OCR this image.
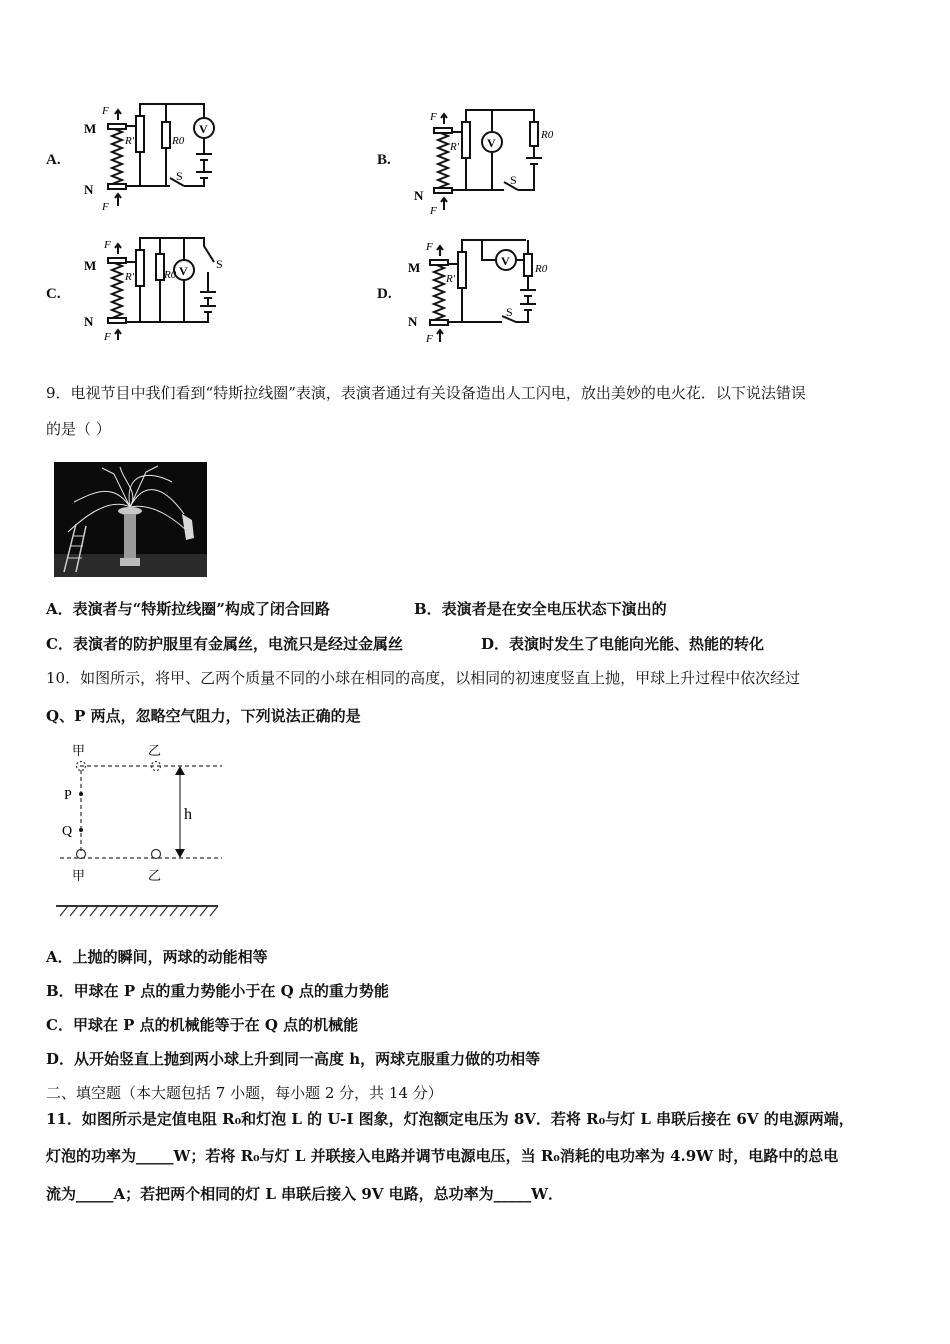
A.
M
N
F
F
R'	R0
V
S
B.
N
F
F
R'
R0
V
S
C.
M
N
F
F
R'	R0 V S
D.
M
N
F
F
R'
R0
V
S
9．电视节目中我们看到“特斯拉线圈”表演，表演者通过有关设备造出人工闪电，放出美妙的电火花．以下说法错误
的是（ ）
A．表演者与“特斯拉线圈”构成了闭合回路	B．表演者是在安全电压状态下演出的
C．表演者的防护服里有金属丝，电流只是经过金属丝	D．表演时发生了电能向光能、热能的转化
10．如图所示，将甲、乙两个质量不同的小球在相同的高度，以相同的初速度竖直上抛，甲球上升过程中依次经过
Q、P 两点，忽略空气阻力，下列说法正确的是
甲	乙
甲	乙
P
Q
h
A．上抛的瞬间，两球的动能相等
B．甲球在 P 点的重力势能小于在 Q 点的重力势能
C．甲球在 P 点的机械能等于在 Q 点的机械能
D．从开始竖直上抛到两小球上升到同一高度 h，两球克服重力做的功相等
二、填空题（本大题包括 7 小题，每小题 2 分，共 14 分）
11．如图所示是定值电阻 R₀和灯泡 L 的 U-I 图象，灯泡额定电压为 8V．若将 R₀与灯 L 串联后接在 6V 的电源两端，
灯泡的功率为_____W；若将 R₀与灯 L 并联接入电路并调节电源电压，当 R₀消耗的电功率为 4.9W 时，电路中的总电
流为_____A；若把两个相同的灯 L 串联后接入 9V 电路，总功率为_____W．
